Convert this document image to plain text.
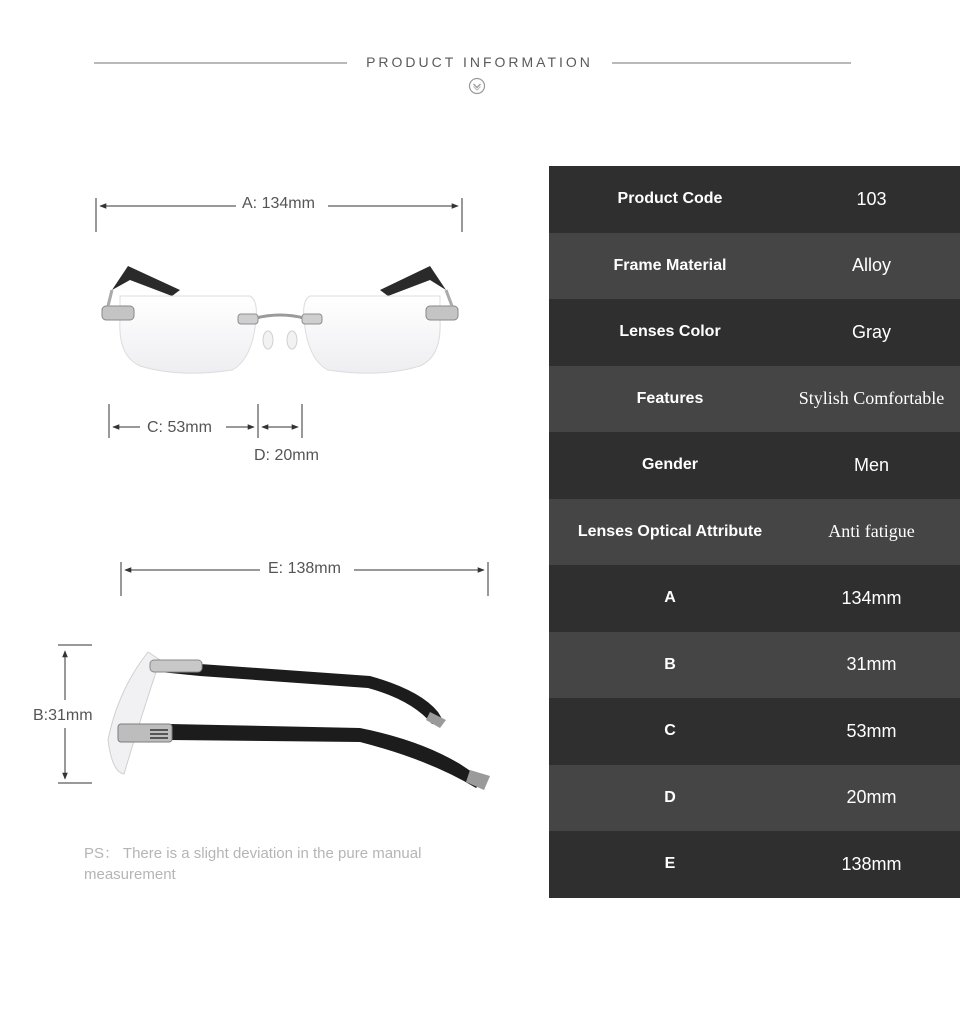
PRODUCT INFORMATION
A: 134mm
C: 53mm
D: 20mm
E: 138mm
B:31mm
PS： There is a slight deviation in the pure manual measurement
Product Code	103
Frame Material	Alloy
Lenses Color	Gray
Features	Stylish Comfortable
Gender	Men
Lenses Optical Attribute	Anti fatigue
A	134mm
B	31mm
C	53mm
D	20mm
E	138mm
